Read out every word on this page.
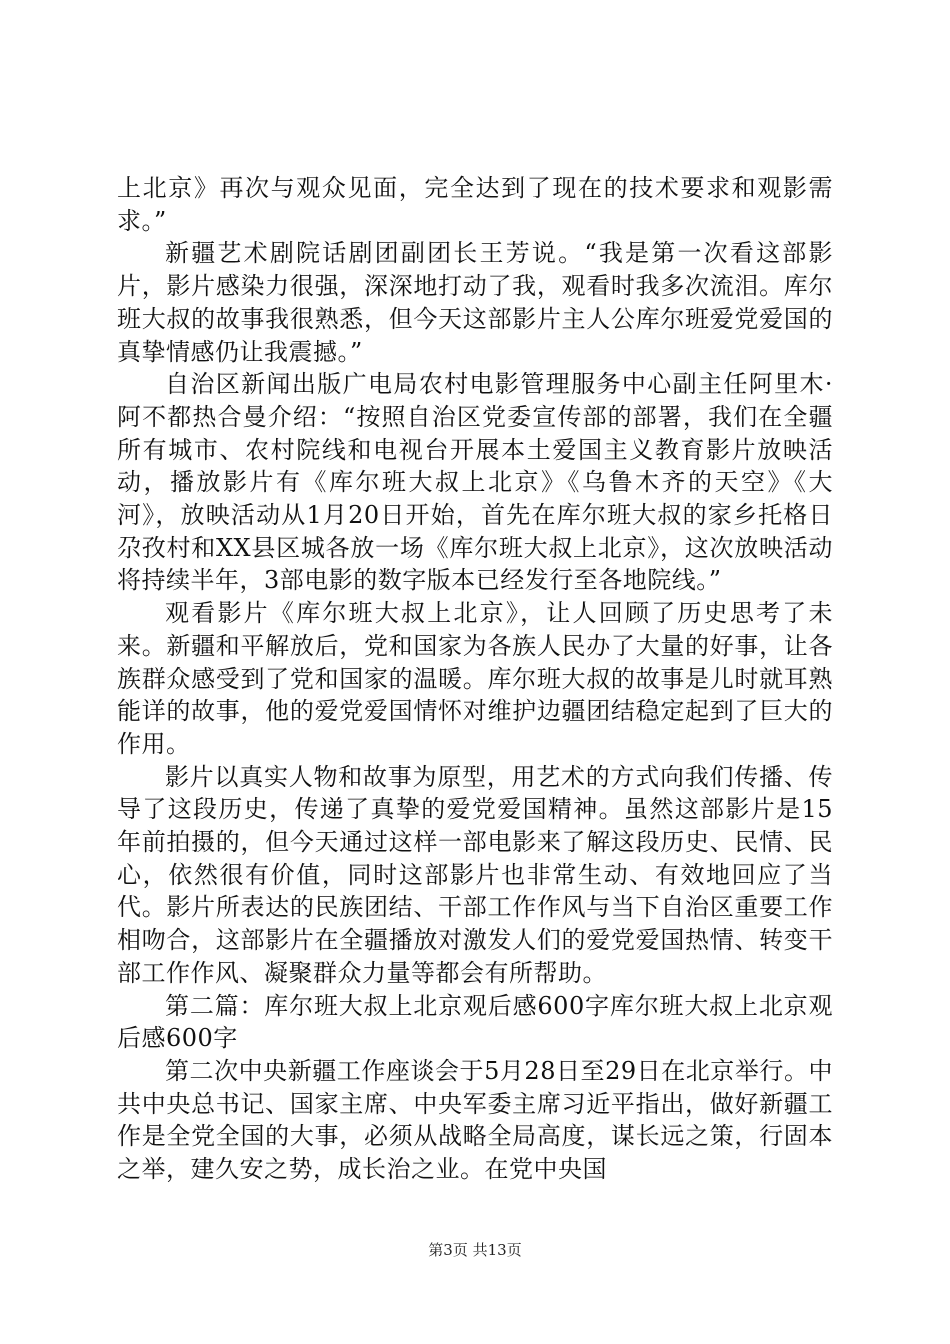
上北京》再次与观众见面，完全达到了现在的技术要求和观影需求。”

新疆艺术剧院话剧团副团长王芳说。“我是第一次看这部影片，影片感染力很强，深深地打动了我，观看时我多次流泪。库尔班大叔的故事我很熟悉，但今天这部影片主人公库尔班爱党爱国的真挚情感仍让我震撼。”

自治区新闻出版广电局农村电影管理服务中心副主任阿里木·阿不都热合曼介绍：“按照自治区党委宣传部的部署，我们在全疆所有城市、农村院线和电视台开展本土爱国主义教育影片放映活动，播放影片有《库尔班大叔上北京》《乌鲁木齐的天空》《大河》，放映活动从1月20日开始，首先在库尔班大叔的家乡托格日尕孜村和XX县区城各放一场《库尔班大叔上北京》，这次放映活动将持续半年，3部电影的数字版本已经发行至各地院线。”

观看影片《库尔班大叔上北京》，让人回顾了历史思考了未来。新疆和平解放后，党和国家为各族人民办了大量的好事，让各族群众感受到了党和国家的温暖。库尔班大叔的故事是儿时就耳熟能详的故事，他的爱党爱国情怀对维护边疆团结稳定起到了巨大的作用。

影片以真实人物和故事为原型，用艺术的方式向我们传播、传导了这段历史，传递了真挚的爱党爱国精神。虽然这部影片是15年前拍摄的，但今天通过这样一部电影来了解这段历史、民情、民心，依然很有价值，同时这部影片也非常生动、有效地回应了当代。影片所表达的民族团结、干部工作作风与当下自治区重要工作相吻合，这部影片在全疆播放对激发人们的爱党爱国热情、转变干部工作作风、凝聚群众力量等都会有所帮助。

第二篇：库尔班大叔上北京观后感600字库尔班大叔上北京观后感600字

第二次中央新疆工作座谈会于5月28日至29日在北京举行。中共中央总书记、国家主席、中央军委主席习近平指出，做好新疆工作是全党全国的大事，必须从战略全局高度，谋长远之策，行固本之举，建久安之势，成长治之业。在党中央国

第3页 共13页
